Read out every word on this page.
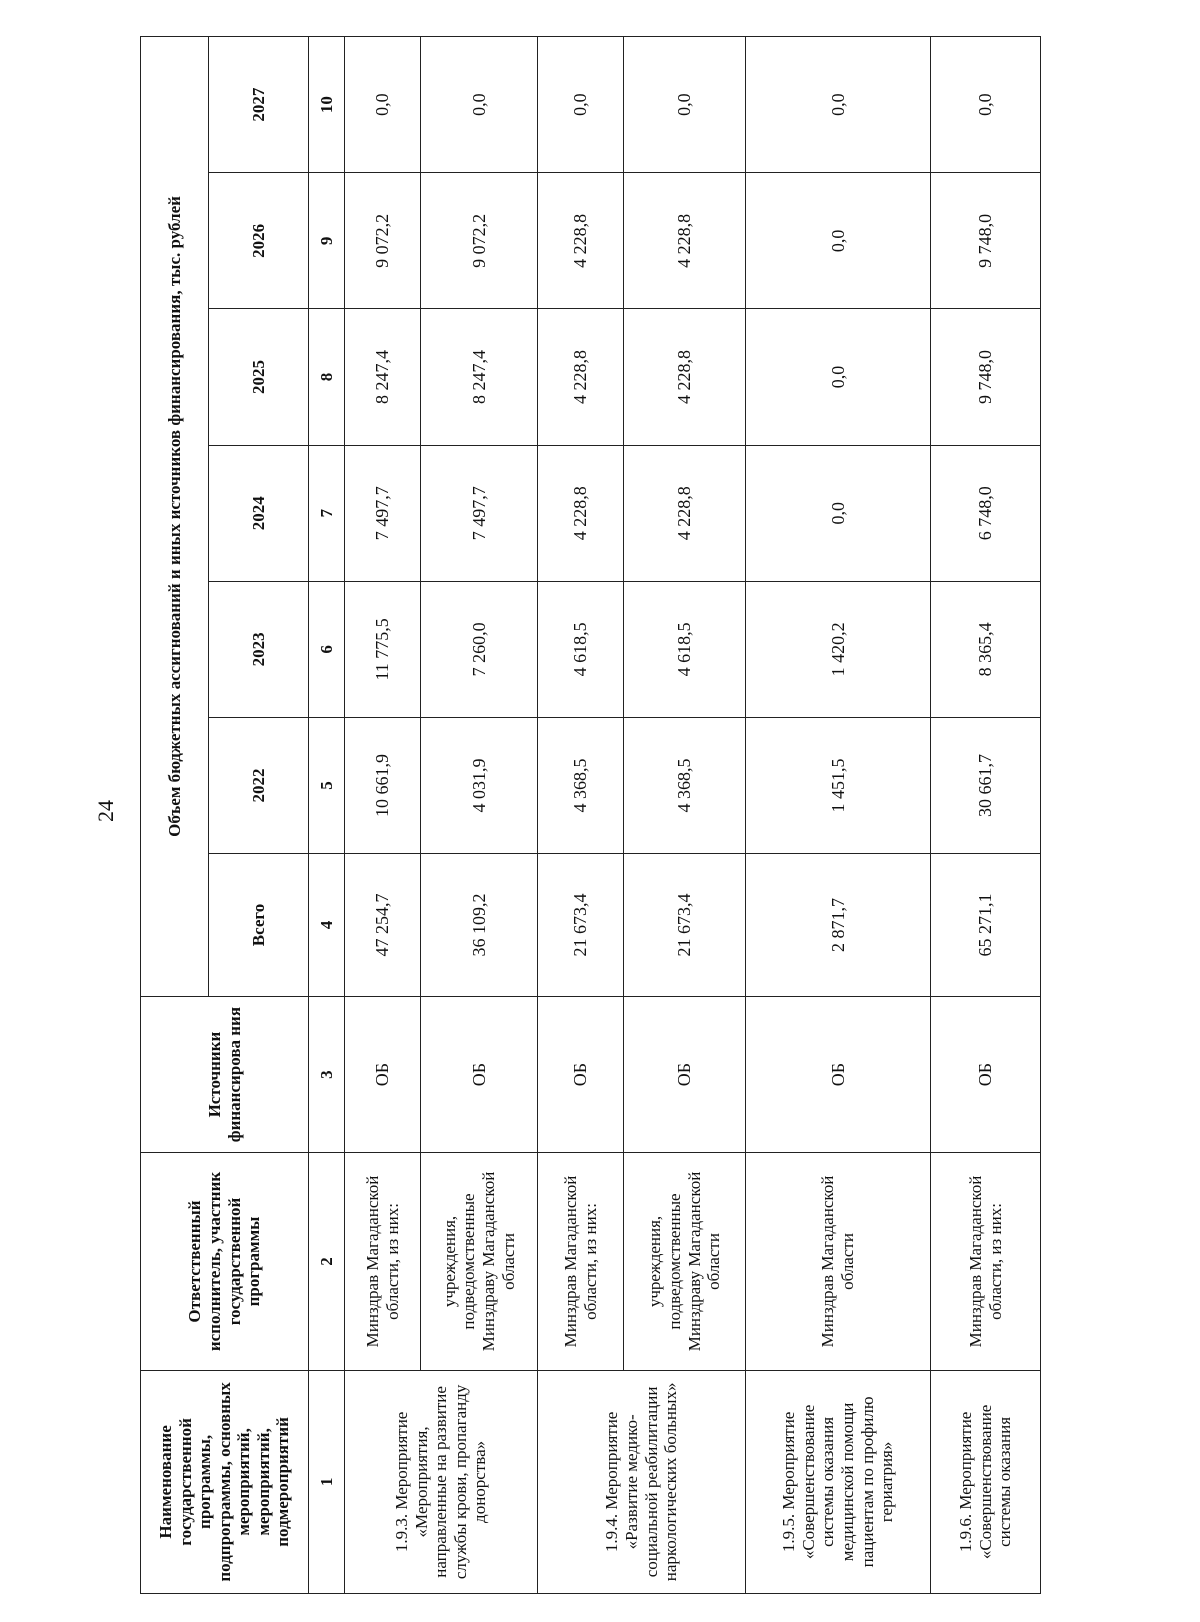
24
Наименование государственной программы, подпрограммы, основных мероприятий, мероприятий, подмероприятий	Ответственный исполнитель, участник государственной программы	Источники финансирова ния	Объем бюджетных ассигнований и иных источников финансирования, тыс. рублей						
			Всего	2022	2023	2024	2025	2026	2027
1	2	3	4	5	6	7	8	9	10
1.9.3. Мероприятие «Мероприятия, направленные на развитие службы крови, пропаганду донорства»	Минздрав Магаданской области, из них:	ОБ	47 254,7	10 661,9	11 775,5	7 497,7	8 247,4	9 072,2	0,0
	учреждения, подведомственные Минздраву Магаданской области	ОБ	36 109,2	4 031,9	7 260,0	7 497,7	8 247,4	9 072,2	0,0
1.9.4. Мероприятие «Развитие медико-социальной реабилитации наркологических больных»	Минздрав Магаданской области, из них:	ОБ	21 673,4	4 368,5	4 618,5	4 228,8	4 228,8	4 228,8	0,0
	учреждения, подведомственные Минздраву Магаданской области	ОБ	21 673,4	4 368,5	4 618,5	4 228,8	4 228,8	4 228,8	0,0
1.9.5. Мероприятие «Совершенствование системы оказания медицинской помощи пациентам по профилю гериатрия»	Минздрав Магаданской области	ОБ	2 871,7	1 451,5	1 420,2	0,0	0,0	0,0	0,0
1.9.6. Мероприятие «Совершенствование системы оказания	Минздрав Магаданской области, из них:	ОБ	65 271,1	30 661,7	8 365,4	6 748,0	9 748,0	9 748,0	0,0
